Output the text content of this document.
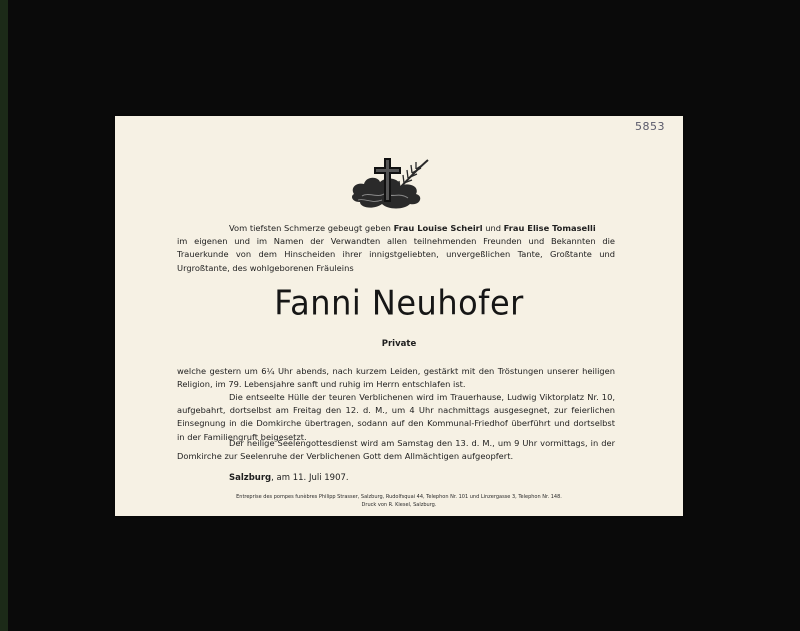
5853
Vom tiefsten Schmerze gebeugt geben Frau Louise Scheirl und Frau Elise Tomaselli
im eigenen und im Namen der Verwandten allen teilnehmenden Freunden und Bekannten die Trauerkunde von dem Hinscheiden ihrer innigstgeliebten, unvergeßlichen Tante, Großtante und Urgroßtante, des wohlgeborenen Fräuleins
Fanni Neuhofer
Private
welche gestern um 6¼ Uhr abends, nach kurzem Leiden, gestärkt mit den Tröstungen unserer heiligen Religion, im 79. Lebensjahre sanft und ruhig im Herrn entschlafen ist.
Die entseelte Hülle der teuren Verblichenen wird im Trauerhause, Ludwig Viktorplatz Nr. 10, aufgebahrt, dortselbst am Freitag den 12. d. M., um 4 Uhr nachmittags ausgesegnet, zur feierlichen Einsegnung in die Domkirche übertragen, sodann auf den Kommunal-Friedhof überführt und dortselbst in der Familiengruft beigesetzt.
Der heilige Seelengottesdienst wird am Samstag den 13. d. M., um 9 Uhr vormittags, in der Domkirche zur Seelenruhe der Verblichenen Gott dem Allmächtigen aufgeopfert.
Salzburg, am 11. Juli 1907.
Entreprise des pompes funèbres Philipp Strasser, Salzburg, Rudolfsquai 44, Telephon Nr. 101 und Linzergasse 3, Telephon Nr. 148.
Druck von R. Kiesel, Salzburg.
